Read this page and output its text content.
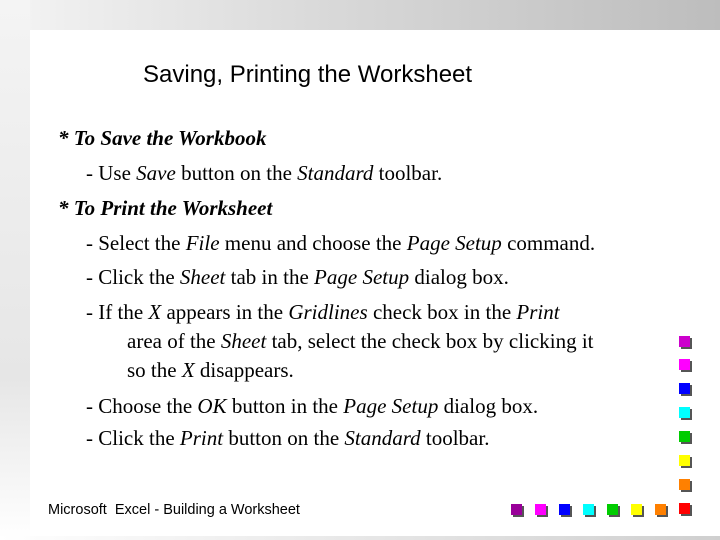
Saving, Printing the Worksheet
* To Save the Workbook
- Use Save button on the Standard toolbar.
* To Print the Worksheet
- Select the File menu and choose the Page Setup command.
- Click the Sheet tab in the Page Setup dialog box.
- If the X appears in the Gridlines check box in the Print
area of the Sheet tab, select the check box by clicking it
so the X disappears.
- Choose the OK button in the Page Setup dialog box.
- Click the Print button on the Standard toolbar.
Microsoft  Excel - Building a Worksheet
